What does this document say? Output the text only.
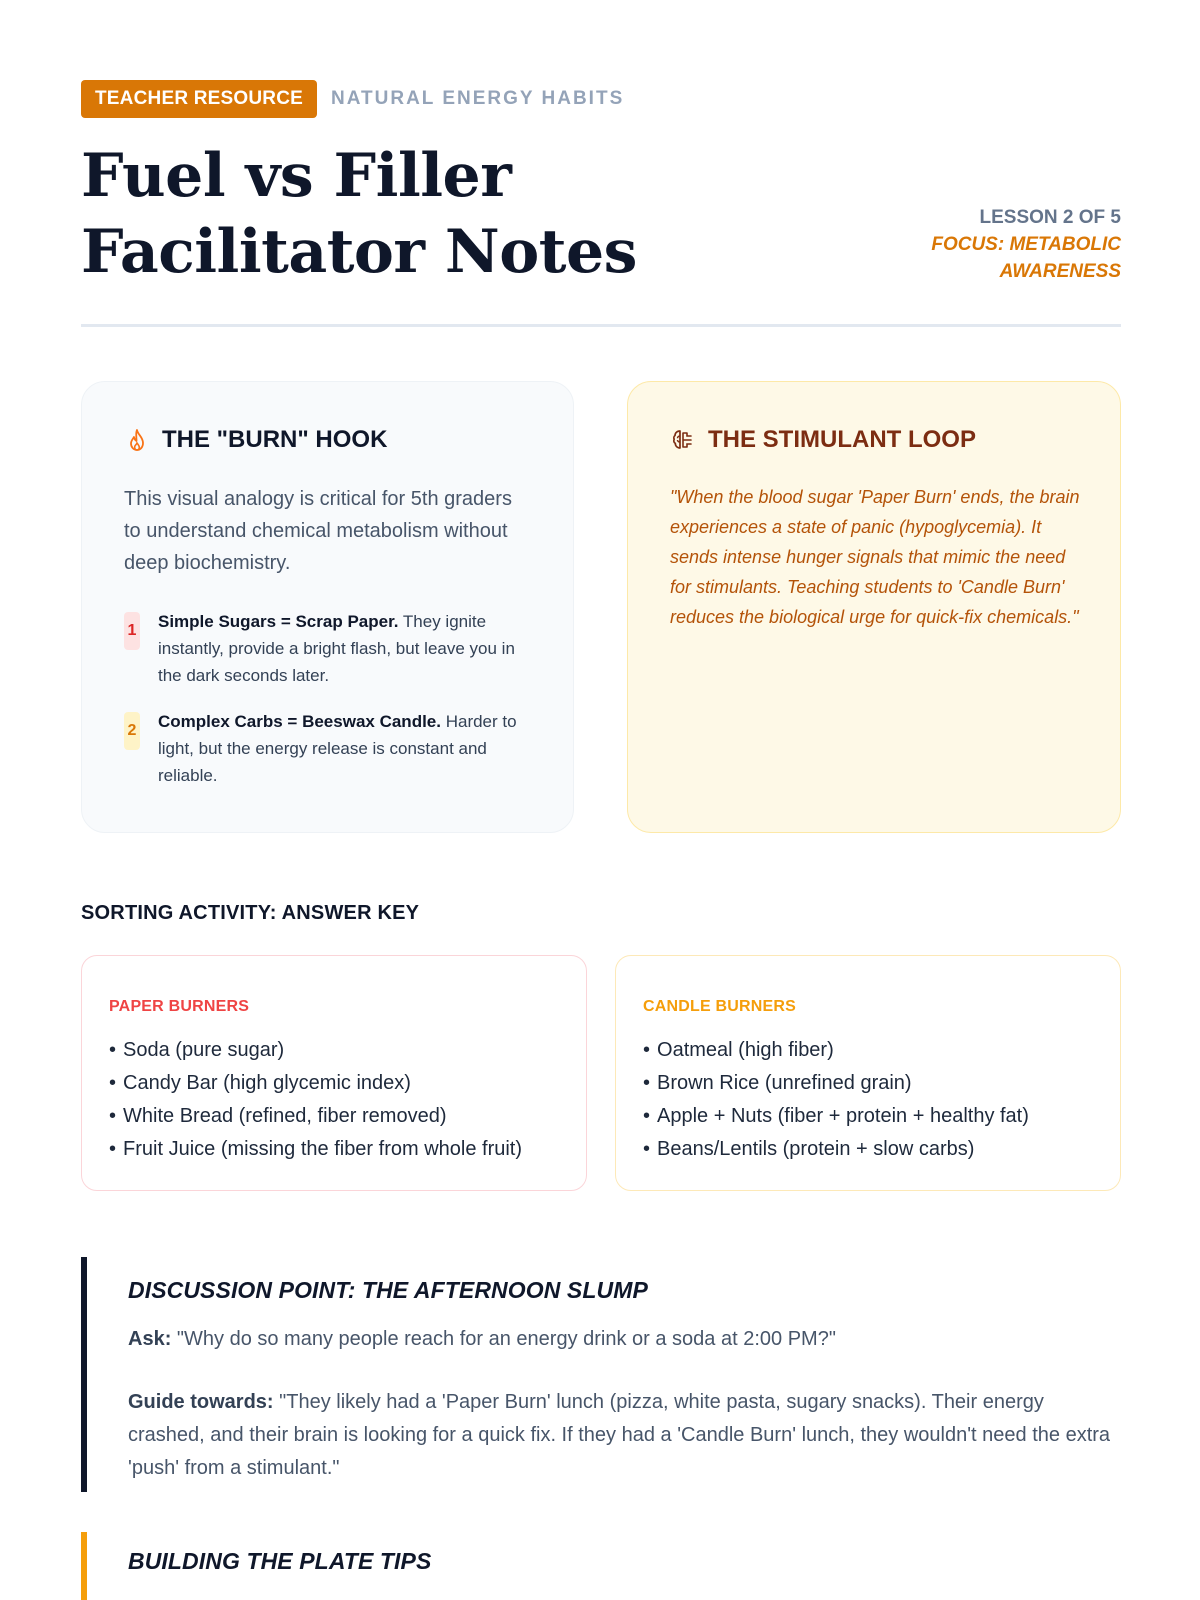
TEACHER RESOURCE	NATURAL ENERGY HABITS
Fuel vs Filler Facilitator Notes	LESSON 2 OF 5
FOCUS: METABOLIC AWARENESS
THE "BURN" HOOK

This visual analogy is critical for 5th graders to understand chemical metabolism without deep biochemistry.

1 Simple Sugars = Scrap Paper. They ignite instantly, provide a bright flash, but leave you in the dark seconds later.
2 Complex Carbs = Beeswax Candle. Harder to light, but the energy release is constant and reliable.
THE STIMULANT LOOP

"When the blood sugar 'Paper Burn' ends, the brain experiences a state of panic (hypoglycemia). It sends intense hunger signals that mimic the need for stimulants. Teaching students to 'Candle Burn' reduces the biological urge for quick-fix chemicals."

SORTING ACTIVITY: ANSWER KEY
PAPER BURNERS
• Soda (pure sugar)
• Candy Bar (high glycemic index)
• White Bread (refined, fiber removed)
• Fruit Juice (missing the fiber from whole fruit)
CANDLE BURNERS
• Oatmeal (high fiber)
• Brown Rice (unrefined grain)
• Apple + Nuts (fiber + protein + healthy fat)
• Beans/Lentils (protein + slow carbs)
DISCUSSION POINT: THE AFTERNOON SLUMP

Ask: "Why do so many people reach for an energy drink or a soda at 2:00 PM?"

Guide towards: "They likely had a 'Paper Burn' lunch (pizza, white pasta, sugary snacks). Their energy crashed, and their brain is looking for a quick fix. If they had a 'Candle Burn' lunch, they wouldn't need the extra 'push' from a stimulant."

BUILDING THE PLATE TIPS
